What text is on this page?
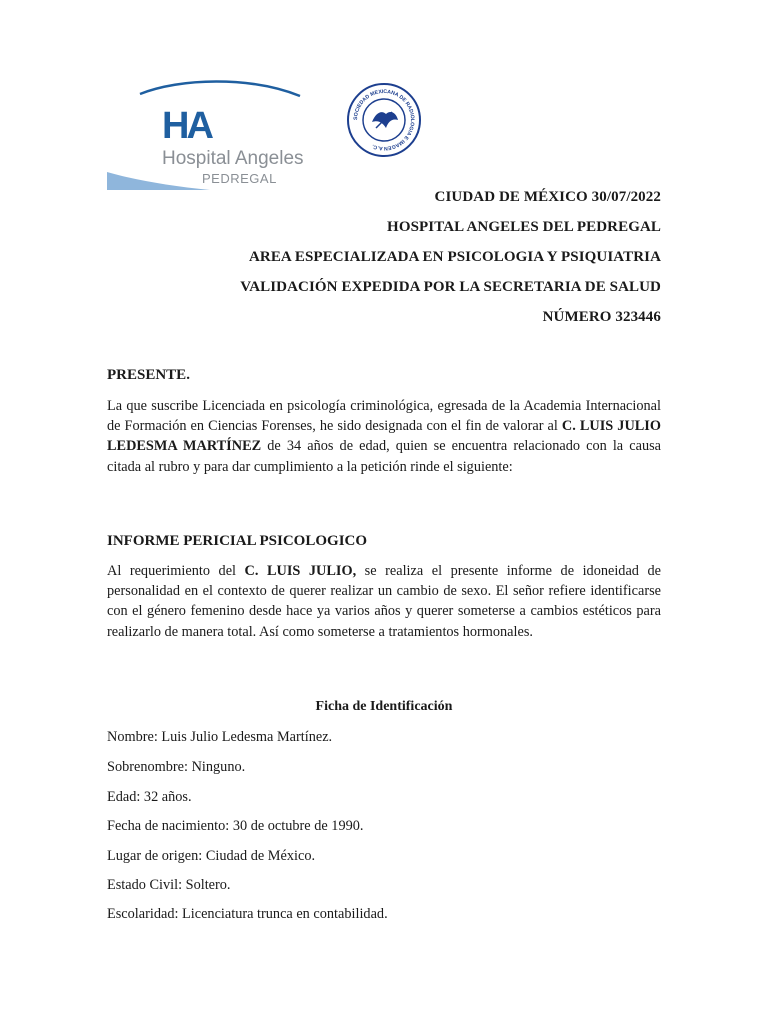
HA
Hospital Angeles
PEDREGAL
SOCIEDAD MEXICANA DE RADIOLOGIA E IMAGEN A.C.
CIUDAD DE MÉXICO 30/07/2022
HOSPITAL ANGELES DEL PEDREGAL
AREA ESPECIALIZADA EN PSICOLOGIA Y PSIQUIATRIA
VALIDACIÓN EXPEDIDA POR LA SECRETARIA DE SALUD
NÚMERO 323446
PRESENTE.

La que suscribe Licenciada en psicología criminológica, egresada de la Academia Internacional de Formación en Ciencias Forenses, he sido designada con el fin de valorar al C. LUIS JULIO LEDESMA MARTÍNEZ de 34 años de edad, quien se encuentra relacionado con la causa citada al rubro y para dar cumplimiento a la petición rinde el siguiente:

INFORME PERICIAL PSICOLOGICO

Al requerimiento del C. LUIS JULIO, se realiza el presente informe de idoneidad de personalidad en el contexto de querer realizar un cambio de sexo. El señor refiere identificarse con el género femenino desde hace ya varios años y querer someterse a cambios estéticos para realizarlo de manera total. Así como someterse a tratamientos hormonales.

Ficha de Identificación
Nombre: Luis Julio Ledesma Martínez.
Sobrenombre: Ninguno.
Edad: 32 años.
Fecha de nacimiento: 30 de octubre de 1990.
Lugar de origen: Ciudad de México.
Estado Civil: Soltero.
Escolaridad: Licenciatura trunca en contabilidad.
